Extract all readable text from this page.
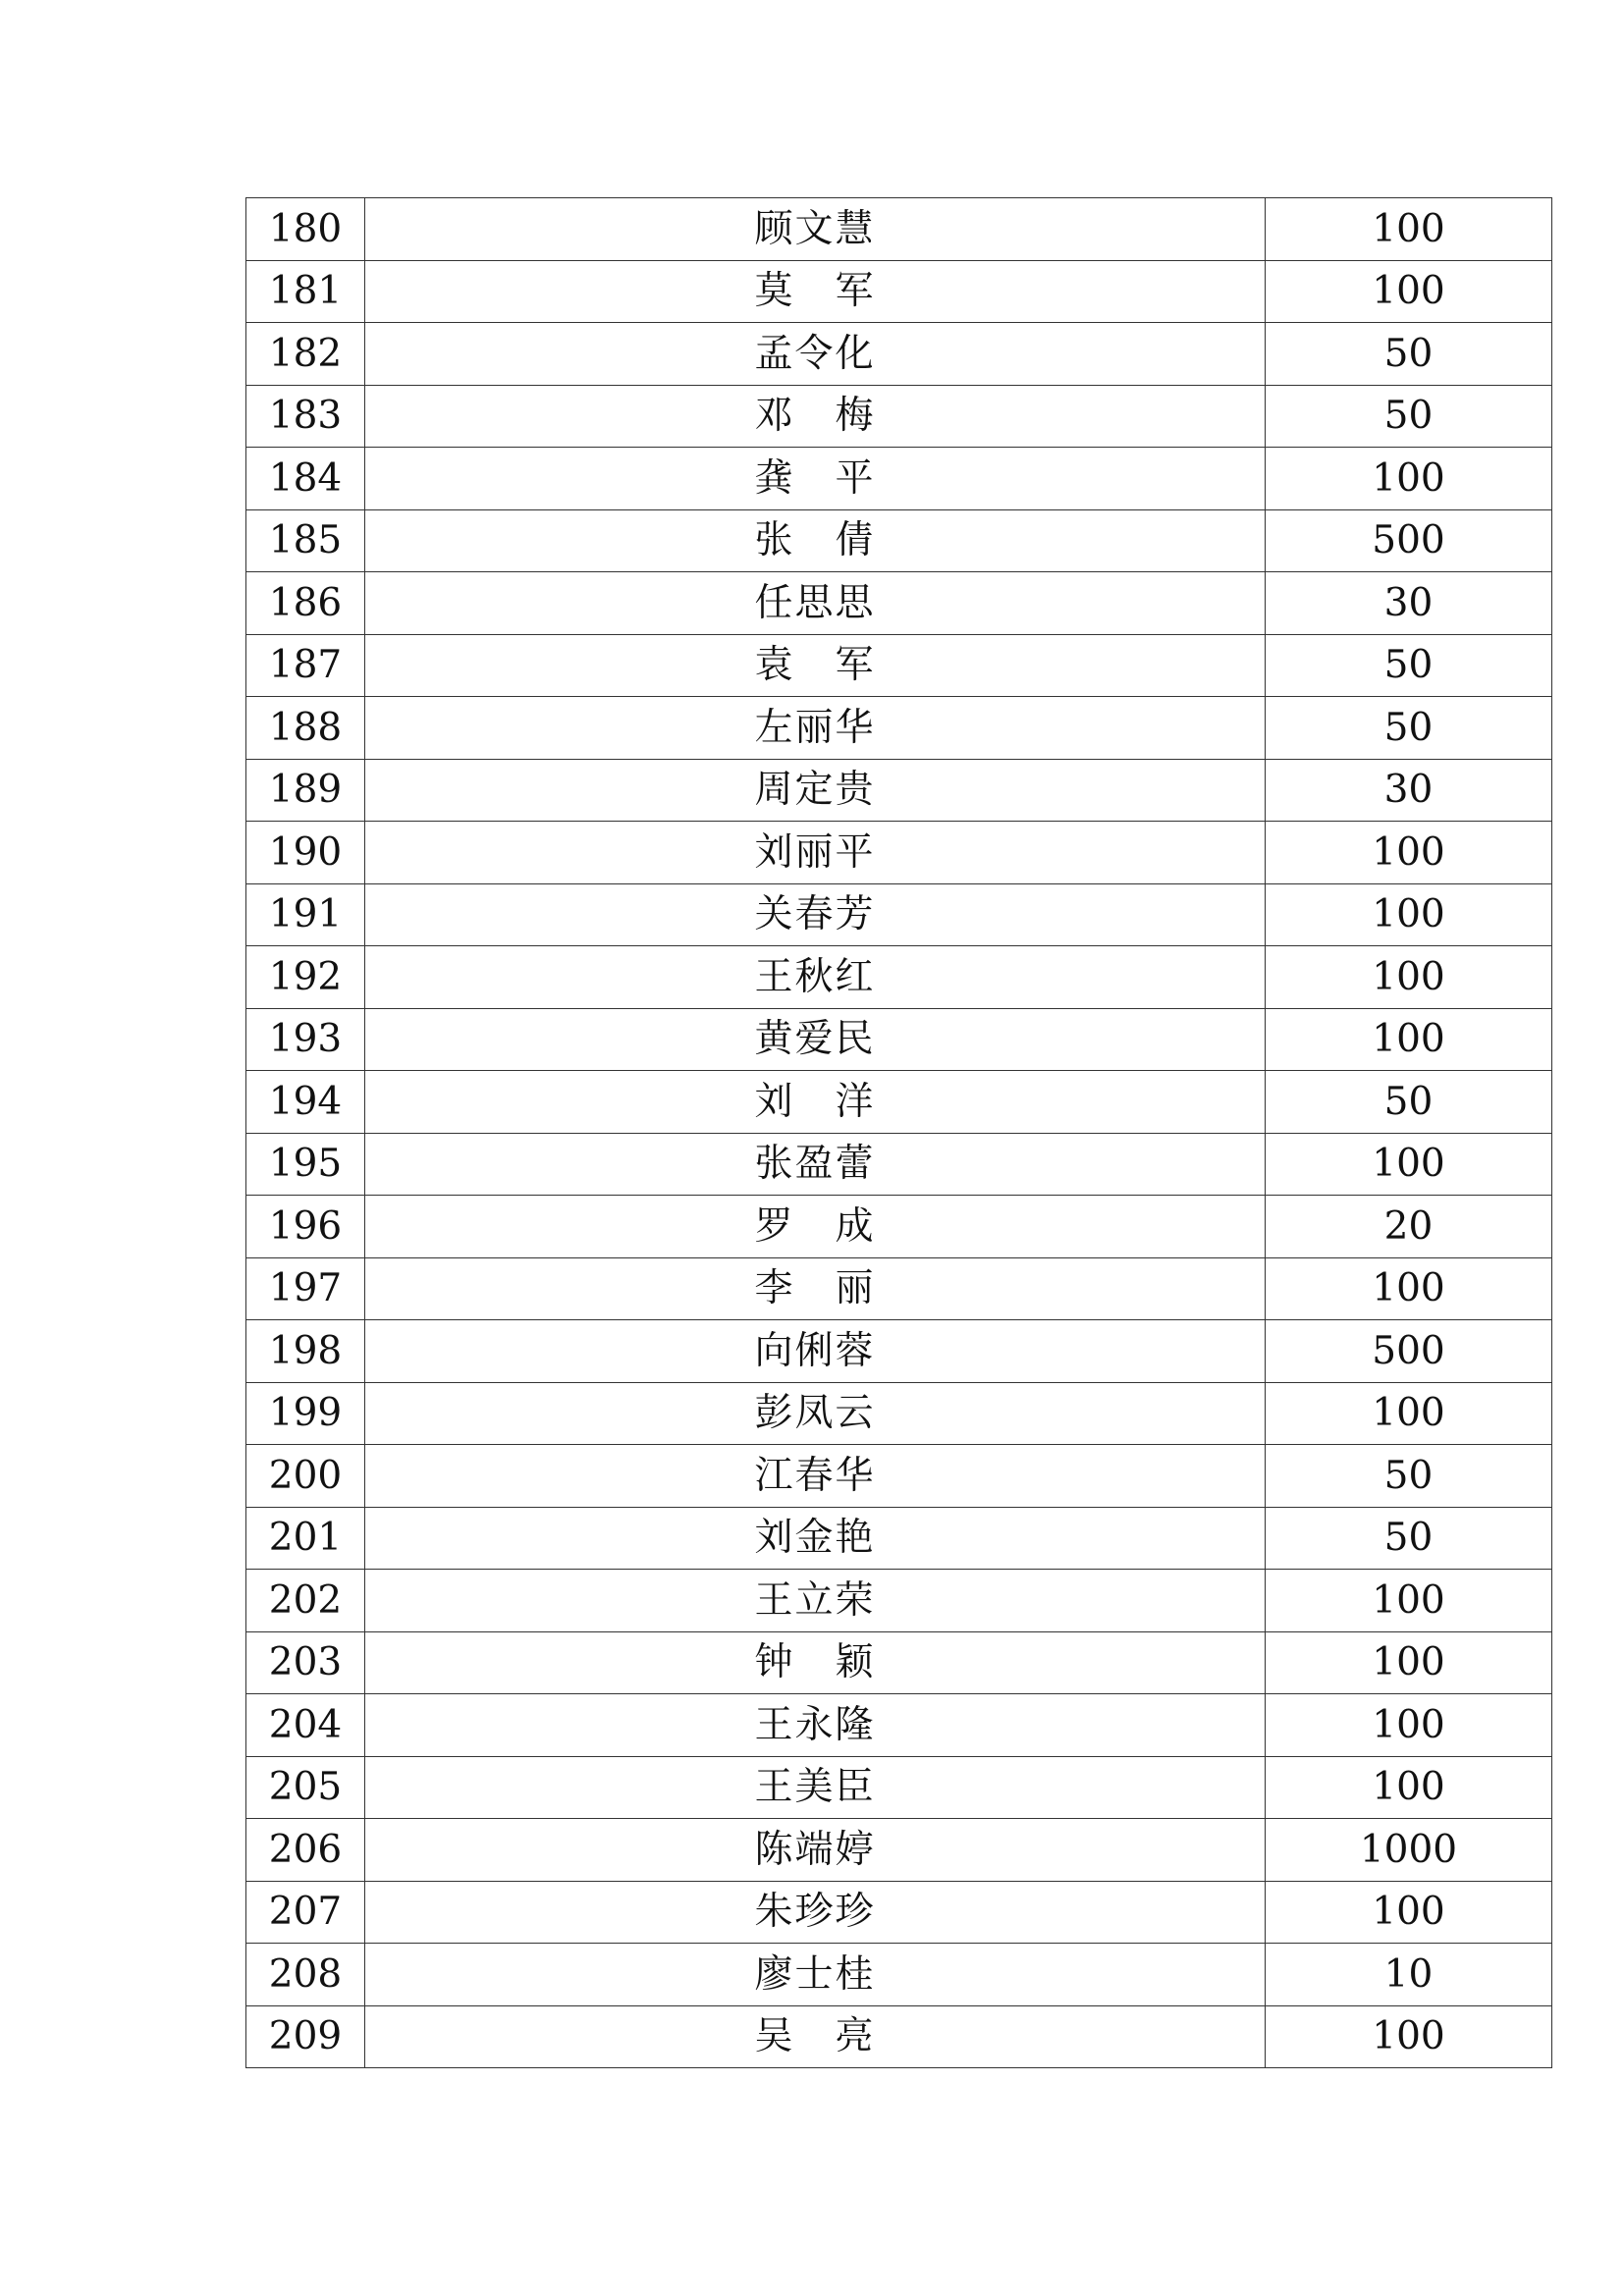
180	顾文慧	100
181	莫　军	100
182	孟令化	50
183	邓　梅	50
184	龚　平	100
185	张　倩	500
186	任思思	30
187	袁　军	50
188	左丽华	50
189	周定贵	30
190	刘丽平	100
191	关春芳	100
192	王秋红	100
193	黄爱民	100
194	刘　洋	50
195	张盈蕾	100
196	罗　成	20
197	李　丽	100
198	向俐蓉	500
199	彭凤云	100
200	江春华	50
201	刘金艳	50
202	王立荣	100
203	钟　颖	100
204	王永隆	100
205	王美臣	100
206	陈端婷	1000
207	朱珍珍	100
208	廖士桂	10
209	吴　亮	100
